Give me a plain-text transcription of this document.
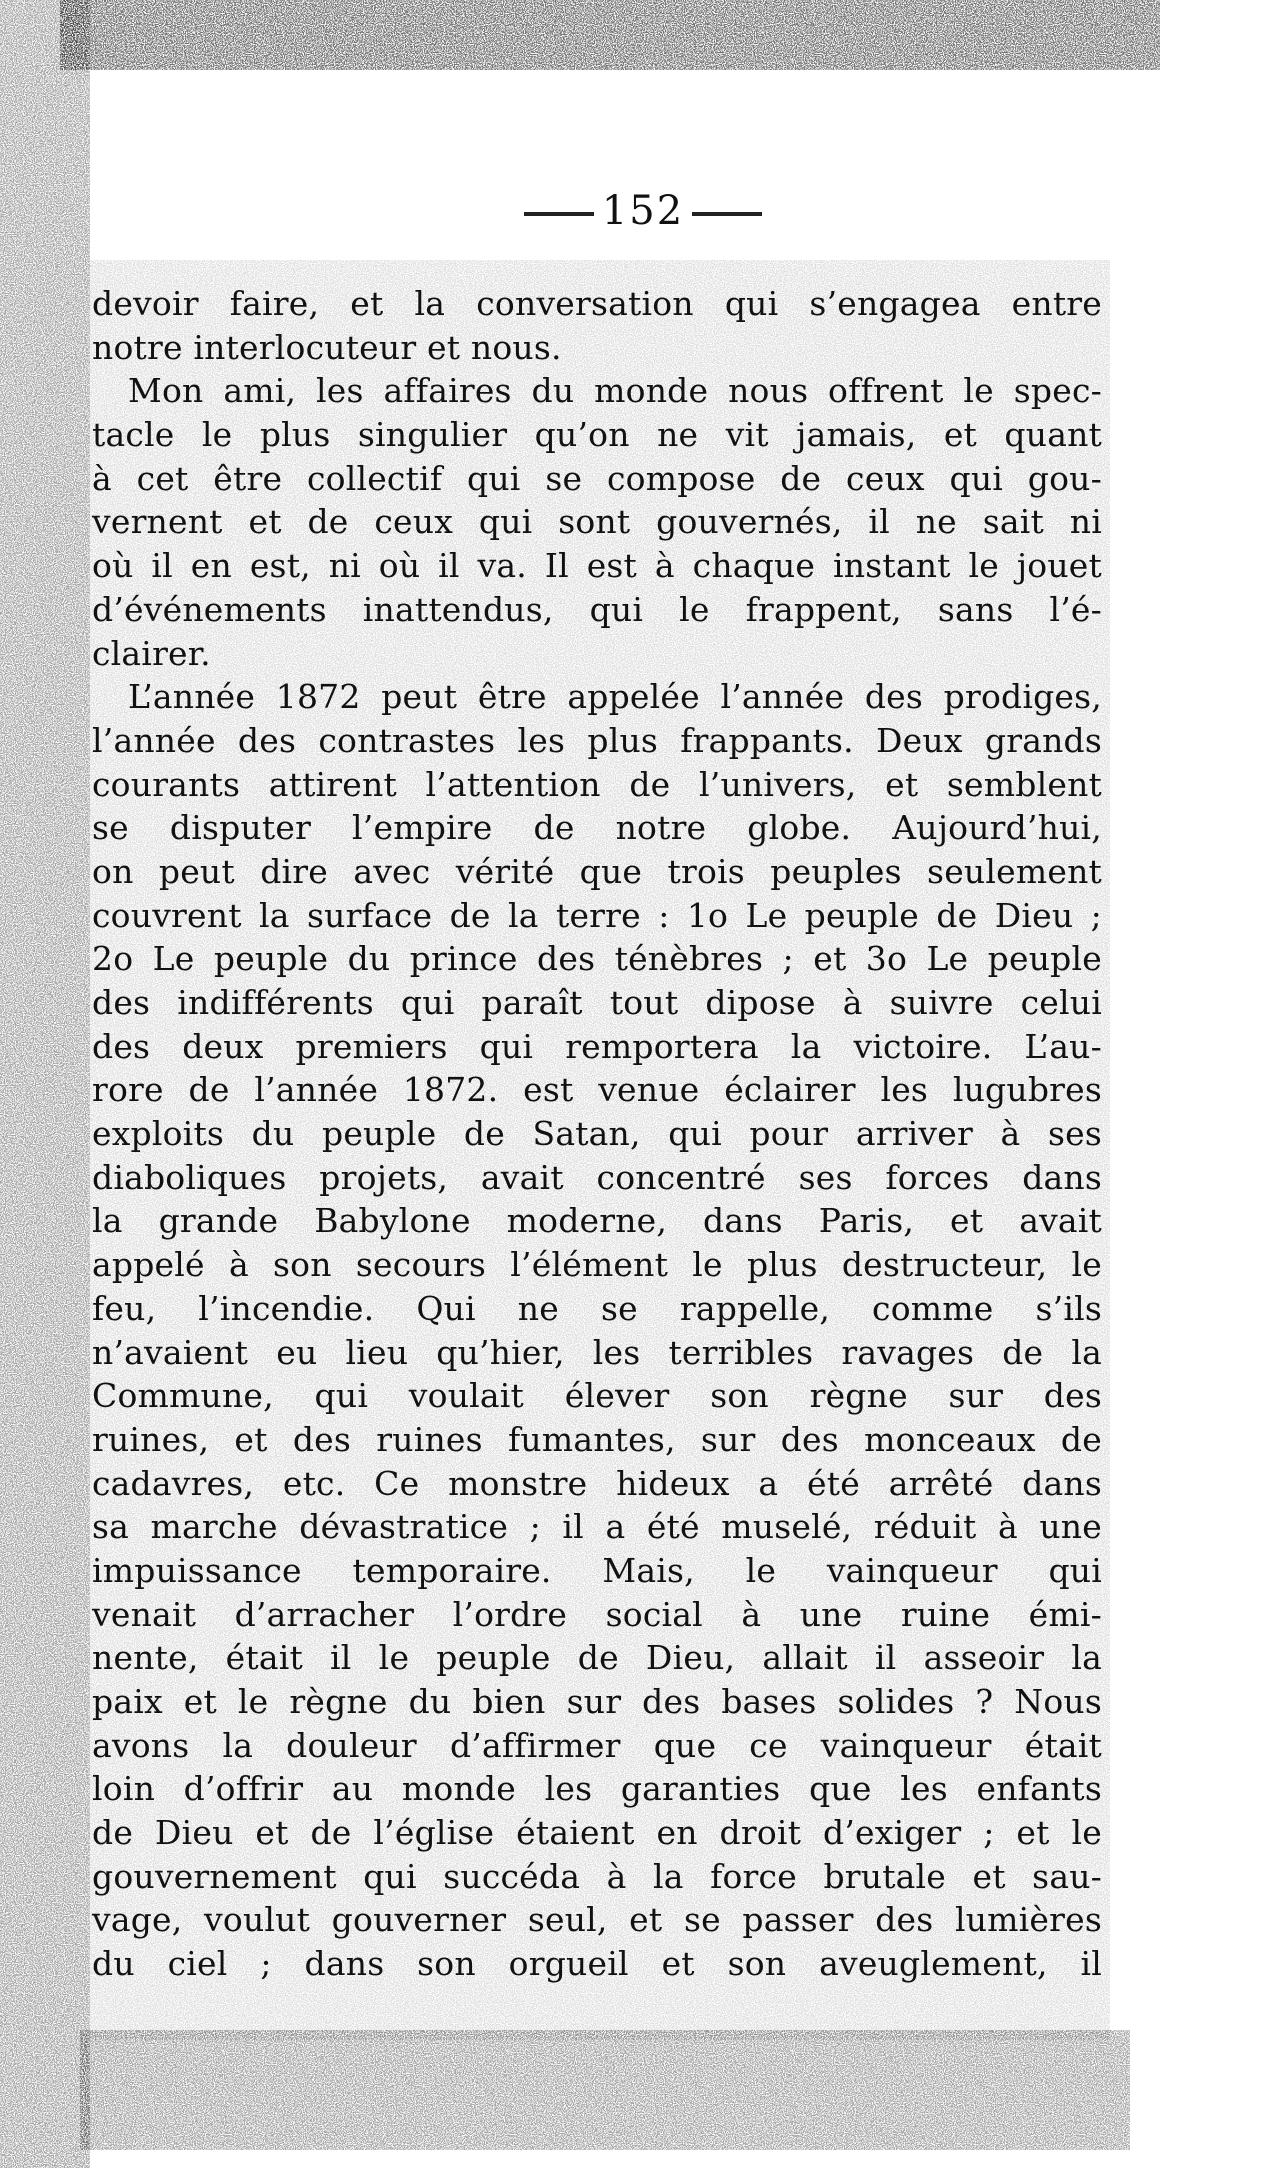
152
devoir faire, et la conversation qui s’engagea entre
notre interlocuteur et nous.
Mon ami, les affaires du monde nous offrent le spec-
tacle le plus singulier qu’on ne vit jamais, et quant
à cet être collectif qui se compose de ceux qui gou-
vernent et de ceux qui sont gouvernés, il ne sait ni
où il en est, ni où il va. Il est à chaque instant le jouet
d’événements inattendus, qui le frappent, sans l’é-
clairer.
L’année 1872 peut être appelée l’année des prodiges,
l’année des contrastes les plus frappants. Deux grands
courants attirent l’attention de l’univers, et semblent
se disputer l’empire de notre globe. Aujourd’hui,
on peut dire avec vérité que trois peuples seulement
couvrent la surface de la terre : 1o Le peuple de Dieu ;
2o Le peuple du prince des ténèbres ; et 3o Le peuple
des indifférents qui paraît tout dipose à suivre celui
des deux premiers qui remportera la victoire. L’au-
rore de l’année 1872. est venue éclairer les lugubres
exploits du peuple de Satan, qui pour arriver à ses
diaboliques projets, avait concentré ses forces dans
la grande Babylone moderne, dans Paris, et avait
appelé à son secours l’élément le plus destructeur, le
feu, l’incendie. Qui ne se rappelle, comme s’ils
n’avaient eu lieu qu’hier, les terribles ravages de la
Commune, qui voulait élever son règne sur des
ruines, et des ruines fumantes, sur des monceaux de
cadavres, etc. Ce monstre hideux a été arrêté dans
sa marche dévastratice ; il a été muselé, réduit à une
impuissance temporaire. Mais, le vainqueur qui
venait d’arracher l’ordre social à une ruine émi-
nente, était il le peuple de Dieu, allait il asseoir la
paix et le règne du bien sur des bases solides ? Nous
avons la douleur d’affirmer que ce vainqueur était
loin d’offrir au monde les garanties que les enfants
de Dieu et de l’église étaient en droit d’exiger ; et le
gouvernement qui succéda à la force brutale et sau-
vage, voulut gouverner seul, et se passer des lumières
du ciel ; dans son orgueil et son aveuglement, il
